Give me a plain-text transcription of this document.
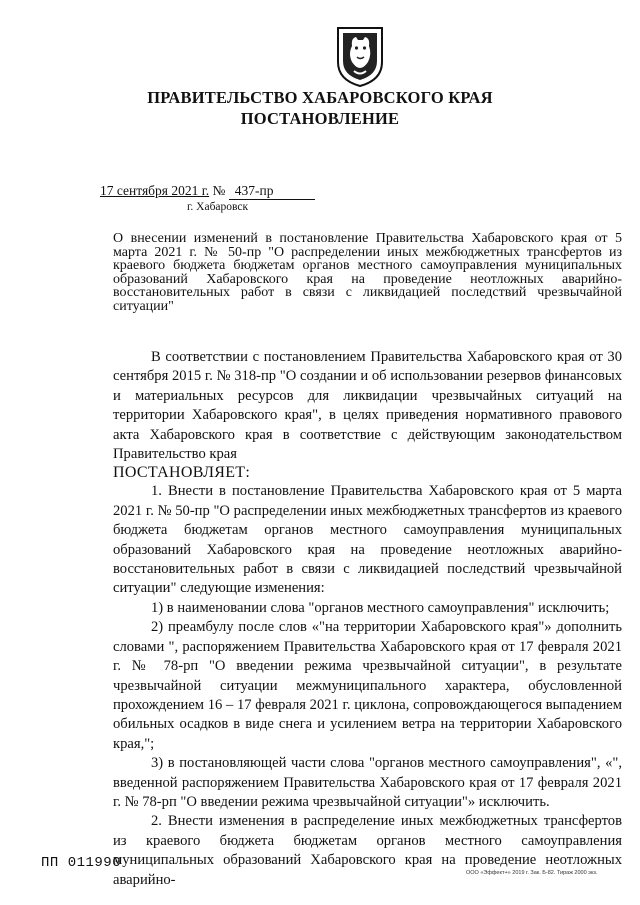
ПРАВИТЕЛЬСТВО ХАБАРОВСКОГО КРАЯ
ПОСТАНОВЛЕНИЕ
17 сентября 2021 г. № 437-пр
г. Хабаровск
О внесении изменений в постановление Правительства Хабаровского края от 5 марта 2021 г. № 50-пр "О распределении иных межбюджетных трансфертов из краевого бюджета бюджетам органов местного самоуправления муниципальных образований Хабаровского края на проведение неотложных аварийно-восстановительных работ в связи с ликвидацией последствий чрезвычайной ситуации"

В соответствии с постановлением Правительства Хабаровского края от 30 сентября 2015 г. № 318-пр "О создании и об использовании резервов финансовых и материальных ресурсов для ликвидации чрезвычайных ситуаций на территории Хабаровского края", в целях приведения нормативного правового акта Хабаровского края в соответствие с действующим законодательством Правительство края

ПОСТАНОВЛЯЕТ:

1. Внести в постановление Правительства Хабаровского края от 5 марта 2021 г. № 50-пр "О распределении иных межбюджетных трансфертов из краевого бюджета бюджетам органов местного самоуправления муниципальных образований Хабаровского края на проведение неотложных аварийно-восстановительных работ в связи с ликвидацией последствий чрезвычайной ситуации" следующие изменения:

1) в наименовании слова "органов местного самоуправления" исключить;

2) преамбулу после слов «"на территории Хабаровского края"» дополнить словами ", распоряжением Правительства Хабаровского края от 17 февраля 2021 г. № 78-рп "О введении режима чрезвычайной ситуации", в результате чрезвычайной ситуации межмуниципального характера, обусловленной прохождением 16 – 17 февраля 2021 г. циклона, сопровождающегося выпадением обильных осадков в виде снега и усилением ветра на территории Хабаровского края,";

3) в постановляющей части слова "органов местного самоуправления", «", введенной распоряжением Правительства Хабаровского края от 17 февраля 2021 г. № 78-рп "О введении режима чрезвычайной ситуации"» исключить.

2. Внести изменения в распределение иных межбюджетных трансфертов из краевого бюджета бюджетам органов местного самоуправления муниципальных образований Хабаровского края на проведение неотложных аварийно-

ПП 011990
ООО «Эффект+» 2019 г. Зак. Б-82. Тираж 2000 экз.
